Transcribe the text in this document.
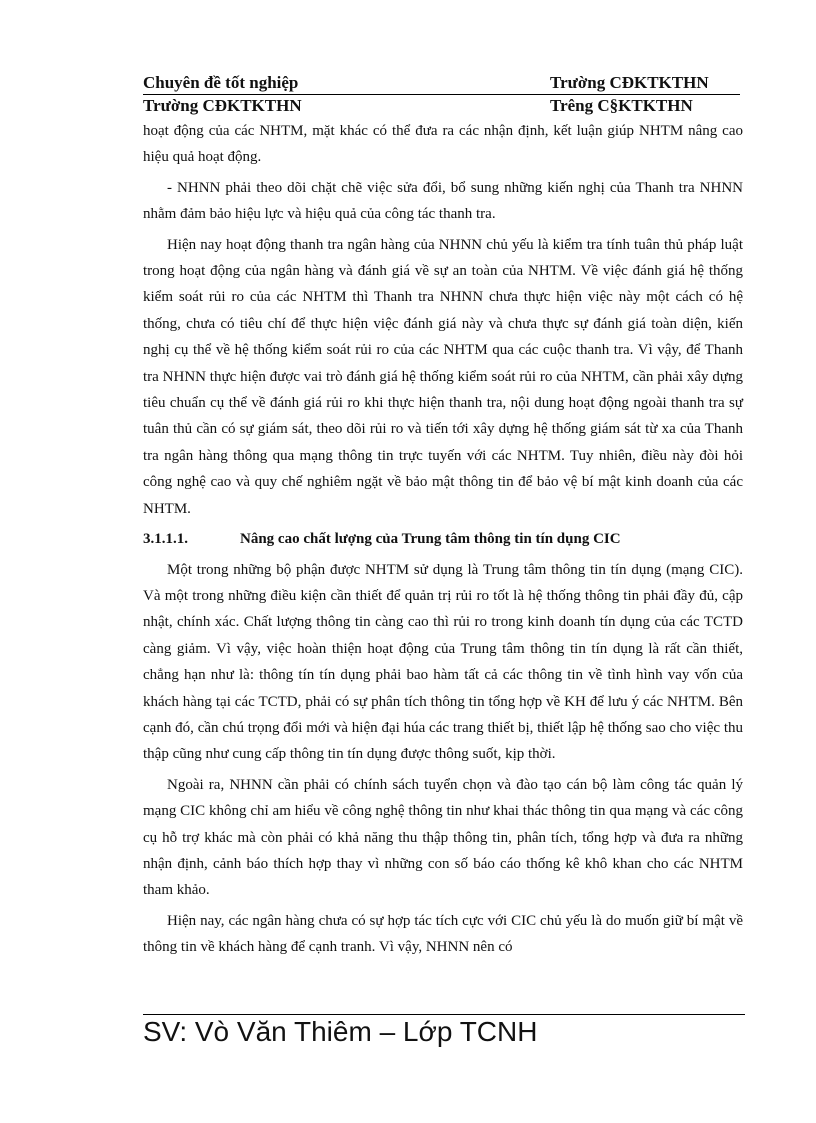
Chuyên đề tốt nghiệp	Trường CĐKTKTHN
Trường CĐKTKTHN	Trêng C§KTKTHN

hoạt động của các NHTM, mặt khác có thể đưa ra các nhận định, kết luận giúp NHTM nâng cao hiệu quả hoạt động.

- NHNN phải theo dõi chặt chẽ việc sửa đổi, bổ sung những kiến nghị của Thanh tra NHNN nhằm đảm bảo hiệu lực và hiệu quả của công tác thanh tra.

Hiện nay hoạt động thanh tra ngân hàng của NHNN chủ yếu là kiểm tra tính tuân thủ pháp luật trong hoạt động của ngân hàng và đánh giá về sự an toàn của NHTM. Về việc đánh giá hệ thống kiểm soát rủi ro của các NHTM thì Thanh tra NHNN chưa thực hiện việc này một cách có hệ thống, chưa có tiêu chí để thực hiện việc đánh giá này và chưa thực sự đánh giá toàn diện, kiến nghị cụ thể về hệ thống kiểm soát rủi ro của các NHTM qua các cuộc thanh tra. Vì vậy, để Thanh tra NHNN thực hiện được vai trò đánh giá hệ thống kiểm soát rủi ro của NHTM, cần phải xây dựng tiêu chuẩn cụ thể về đánh giá rủi ro khi thực hiện thanh tra, nội dung hoạt động ngoài thanh tra sự tuân thủ cần có sự giám sát, theo dõi rủi ro và tiến tới xây dựng hệ thống giám sát từ xa của Thanh tra ngân hàng thông qua mạng thông tin trực tuyến với các NHTM. Tuy nhiên, điều này đòi hỏi công nghệ cao và quy chế nghiêm ngặt về bảo mật thông tin để bảo vệ bí mật kinh doanh của các NHTM.

3.1.1.1.	Nâng cao chất lượng của Trung tâm thông tin tín dụng CIC

Một trong những bộ phận được NHTM sử dụng là Trung tâm thông tin tín dụng (mạng CIC). Và một trong những điều kiện cần thiết để quản trị rủi ro tốt là hệ thống thông tin phải đầy đủ, cập nhật, chính xác. Chất lượng thông tin càng cao thì rủi ro trong kinh doanh tín dụng của các TCTD càng giảm. Vì vậy, việc hoàn thiện hoạt động của Trung tâm thông tin tín dụng là rất cần thiết, chẳng hạn như là: thông tín tín dụng phải bao hàm tất cả các thông tin về tình hình vay vốn của khách hàng tại các TCTD, phải có sự phân tích thông tin tổng hợp về KH để lưu ý các NHTM. Bên cạnh đó, cần chú trọng đổi mới và hiện đại húa các trang thiết bị, thiết lập hệ thống sao cho việc thu thập cũng như cung cấp thông tin tín dụng được thông suốt, kịp thời.

Ngoài ra, NHNN cần phải có chính sách tuyển chọn và đào tạo cán bộ làm công tác quản lý mạng CIC không chỉ am hiểu về công nghệ thông tin như khai thác thông tin qua mạng và các công cụ hỗ trợ khác mà còn phải có khả năng thu thập thông tin, phân tích, tổng hợp và đưa ra những nhận định, cảnh báo thích hợp thay vì những con số báo cáo thống kê khô khan cho các NHTM tham khảo.

Hiện nay, các ngân hàng chưa có sự hợp tác tích cực với CIC chủ yếu là do muốn giữ bí mật về thông tin về khách hàng để cạnh tranh. Vì vậy, NHNN nên có

SV: Vò Văn Thiêm – Lớp TCNH
